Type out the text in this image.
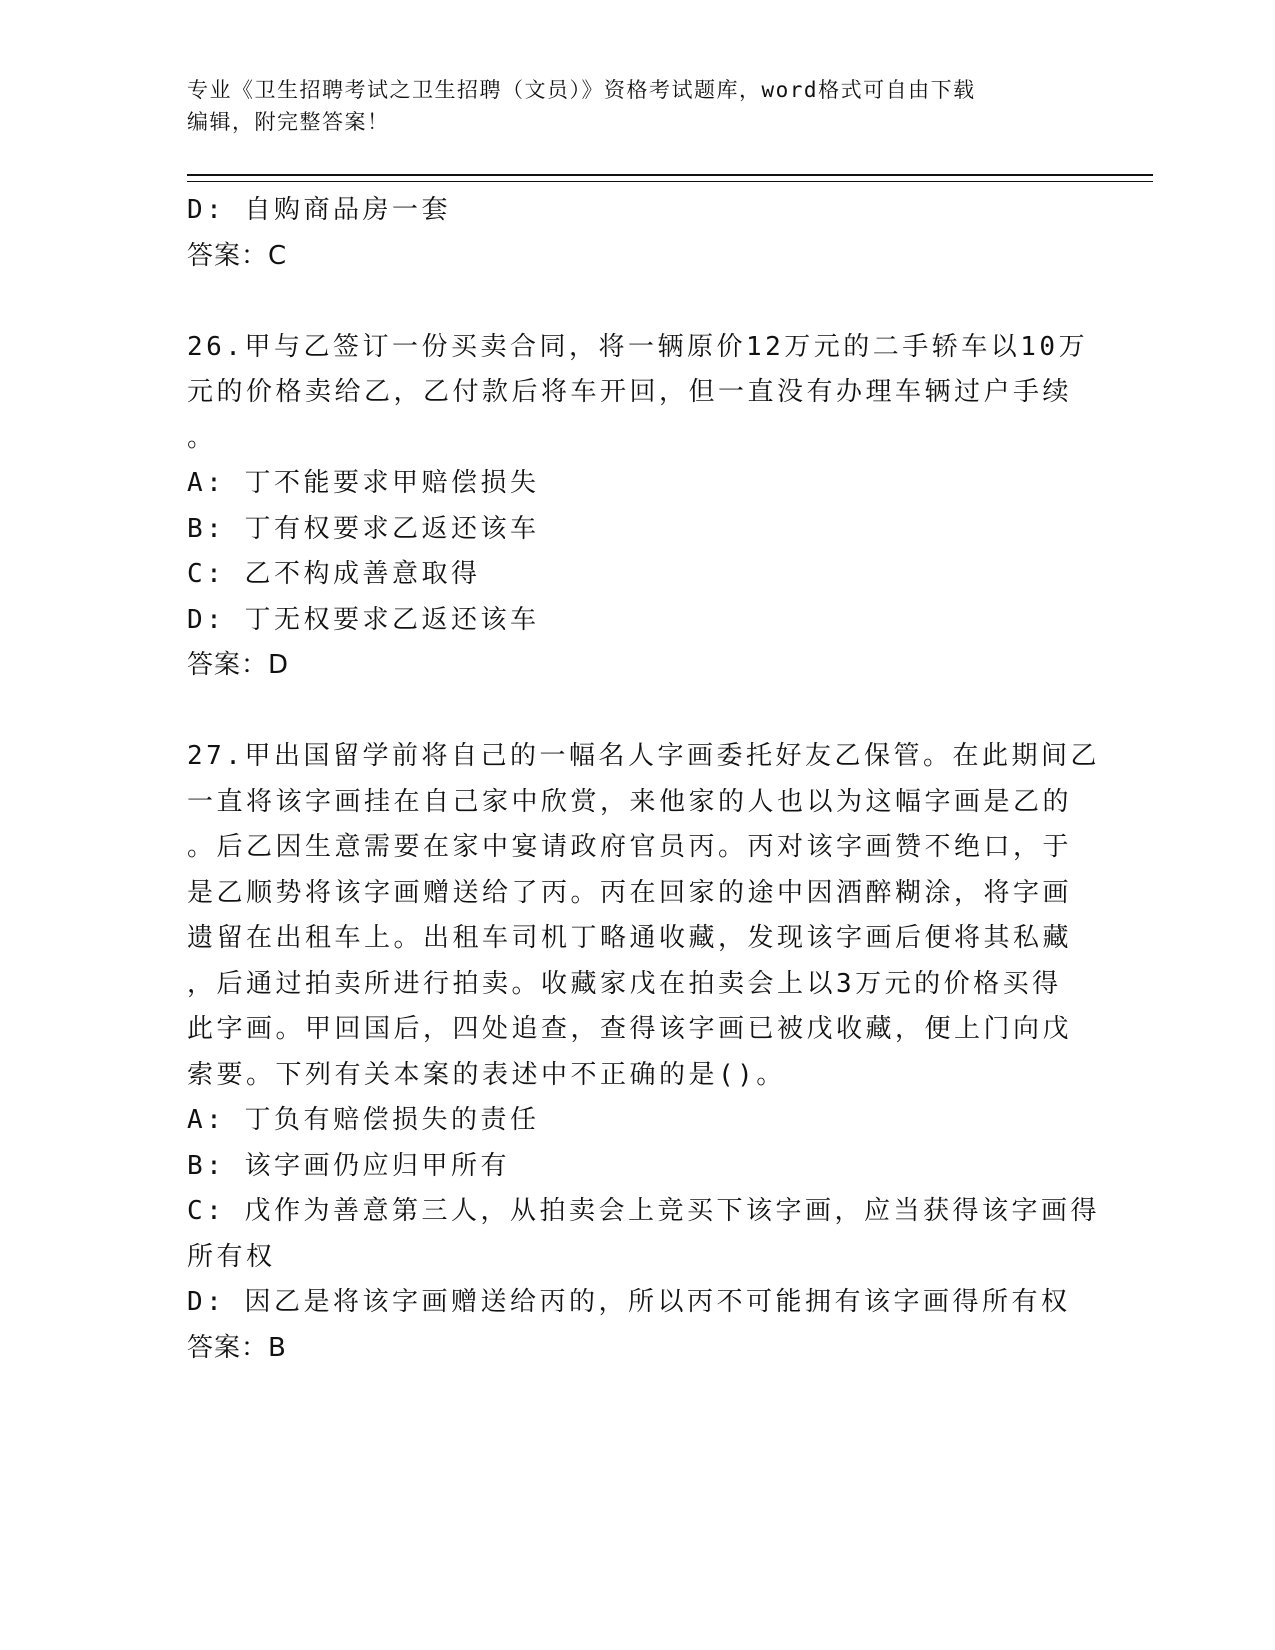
专业《卫生招聘考试之卫生招聘（文员）》资格考试题库，word格式可自由下载
编辑，附完整答案！
D: 自购商品房一套
答案：C
26.甲与乙签订一份买卖合同，将一辆原价12万元的二手轿车以10万
元的价格卖给乙，乙付款后将车开回，但一直没有办理车辆过户手续
。
A: 丁不能要求甲赔偿损失
B: 丁有权要求乙返还该车
C: 乙不构成善意取得
D: 丁无权要求乙返还该车
答案：D
27.甲出国留学前将自己的一幅名人字画委托好友乙保管。在此期间乙
一直将该字画挂在自己家中欣赏，来他家的人也以为这幅字画是乙的
。后乙因生意需要在家中宴请政府官员丙。丙对该字画赞不绝口，于
是乙顺势将该字画赠送给了丙。丙在回家的途中因酒醉糊涂，将字画
遗留在出租车上。出租车司机丁略通收藏，发现该字画后便将其私藏
，后通过拍卖所进行拍卖。收藏家戊在拍卖会上以3万元的价格买得
此字画。甲回国后，四处追查，查得该字画已被戊收藏，便上门向戊
索要。下列有关本案的表述中不正确的是()。
A: 丁负有赔偿损失的责任
B: 该字画仍应归甲所有
C: 戊作为善意第三人，从拍卖会上竞买下该字画，应当获得该字画得
所有权
D: 因乙是将该字画赠送给丙的，所以丙不可能拥有该字画得所有权
答案：B
